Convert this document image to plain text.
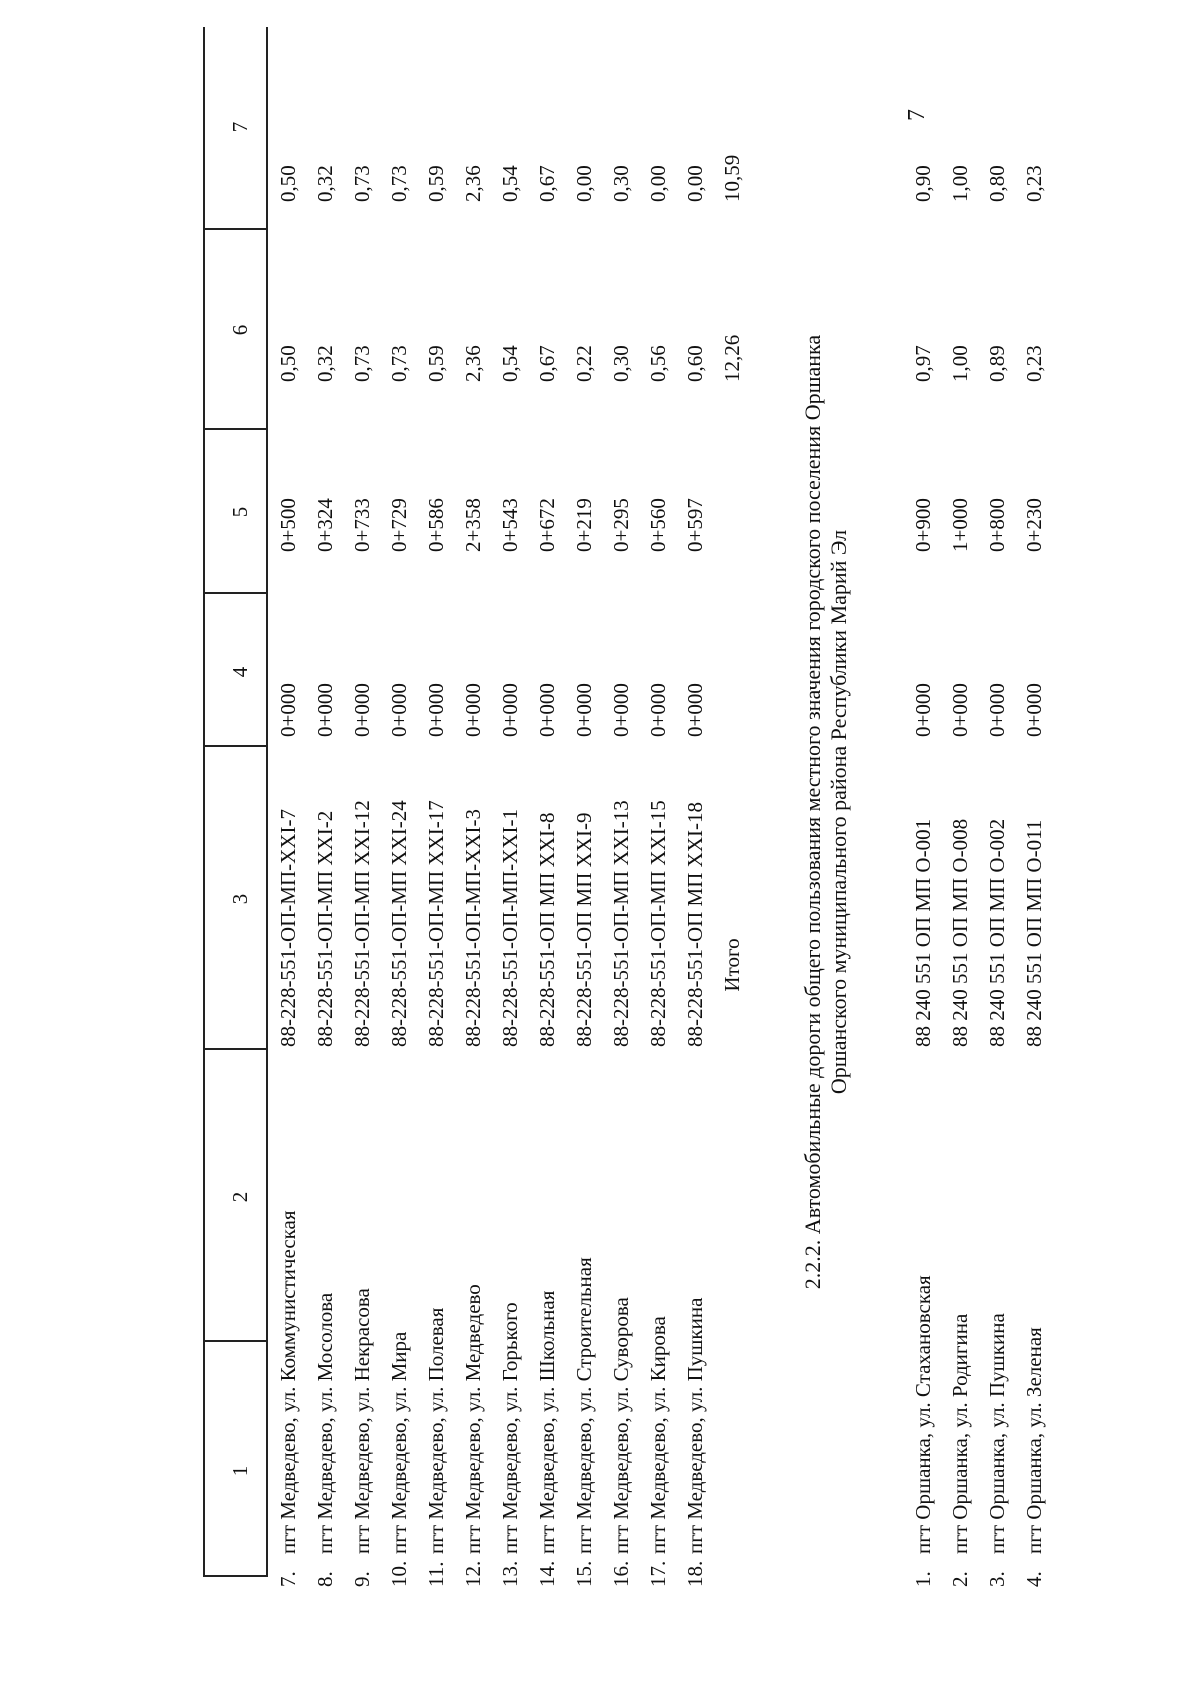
7
1
2
3
4
5
6
7
7.
пгт Медведево, ул. Коммунистическая
88-228-551-ОП-МП-XXI-7
0+000
0+500
0,50
0,50
8.
пгт Медведево, ул. Мосолова
88-228-551-ОП-МП XXI-2
0+000
0+324
0,32
0,32
9.
пгт Медведево, ул. Некрасова
88-228-551-ОП-МП XXI-12
0+000
0+733
0,73
0,73
10.
пгт Медведево, ул. Мира
88-228-551-ОП-МП XXI-24
0+000
0+729
0,73
0,73
11.
пгт Медведево, ул. Полевая
88-228-551-ОП-МП XXI-17
0+000
0+586
0,59
0,59
12.
пгт Медведево, ул. Медведево
88-228-551-ОП-МП-XXI-3
0+000
2+358
2,36
2,36
13.
пгт Медведево, ул. Горького
88-228-551-ОП-МП-XXI-1
0+000
0+543
0,54
0,54
14.
пгт Медведево, ул. Школьная
88-228-551-ОП МП XXI-8
0+000
0+672
0,67
0,67
15.
пгт Медведево, ул. Строительная
88-228-551-ОП МП XXI-9
0+000
0+219
0,22
0,00
16.
пгт Медведево, ул. Суворова
88-228-551-ОП-МП XXI-13
0+000
0+295
0,30
0,30
17.
пгт Медведево, ул. Кирова
88-228-551-ОП-МП XXI-15
0+000
0+560
0,56
0,00
18.
пгт Медведево, ул. Пушкина
88-228-551-ОП МП XXI-18
0+000
0+597
0,60
0,00
Итого
12,26
10,59
2.2.2. Автомобильные дороги общего пользования местного значения городского поселения Оршанка Оршанского муниципального района Республики Марий Эл
1.
пгт Оршанка, ул. Стахановская
88 240 551 ОП МП О-001
0+000
0+900
0,97
0,90
2.
пгт Оршанка, ул. Родигина
88 240 551 ОП МП О-008
0+000
1+000
1,00
1,00
3.
пгт Оршанка, ул. Пушкина
88 240 551 ОП МП О-002
0+000
0+800
0,89
0,80
4.
пгт Оршанка, ул. Зеленая
88 240 551 ОП МП О-011
0+000
0+230
0,23
0,23
